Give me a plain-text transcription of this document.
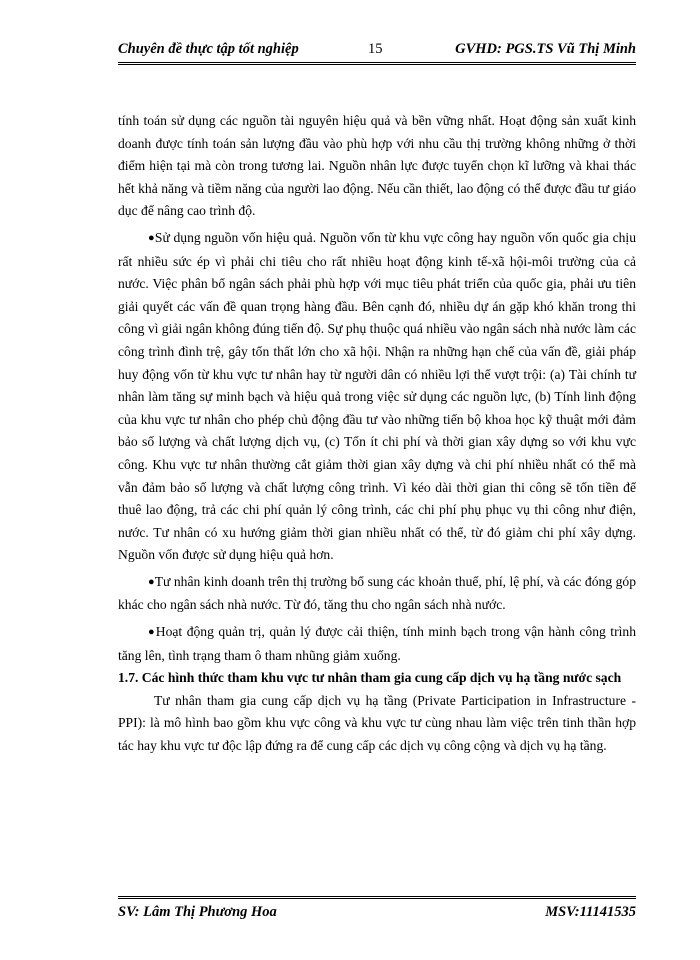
Chuyên đề thực tập tốt nghiệp	15	GVHD: PGS.TS Vũ Thị Minh

tính toán sử dụng các nguồn tài nguyên hiệu quả và bền vững nhất. Hoạt động sản xuất kinh doanh được tính toán sản lượng đầu vào phù hợp với nhu cầu thị trường không những ở thời điểm hiện tại mà còn trong tương lai. Nguồn nhân lực được tuyển chọn kĩ lưỡng và khai thác hết khả năng và tiềm năng của người lao động. Nếu cần thiết, lao động có thể được đầu tư giáo dục để nâng cao trình độ.

●Sử dụng nguồn vốn hiệu quả. Nguồn vốn từ khu vực công hay nguồn vốn quốc gia chịu rất nhiều sức ép vì phải chi tiêu cho rất nhiều hoạt động kinh tế-xã hội-môi trường của cả nước. Việc phân bổ ngân sách phải phù hợp với mục tiêu phát triển của quốc gia, phải ưu tiên giải quyết các vấn đề quan trọng hàng đầu. Bên cạnh đó, nhiều dự án gặp khó khăn trong thi công vì giải ngân không đúng tiến độ. Sự phụ thuộc quá nhiều vào ngân sách nhà nước làm các công trình đình trệ, gây tổn thất lớn cho xã hội. Nhận ra những hạn chế của vấn đề, giải pháp huy động vốn từ khu vực tư nhân hay từ người dân có nhiều lợi thế vượt trội: (a) Tài chính tư nhân làm tăng sự minh bạch và hiệu quả trong việc sử dụng các nguồn lực, (b) Tính linh động của khu vực tư nhân cho phép chủ động đầu tư vào những tiến bộ khoa học kỹ thuật mới đảm bảo số lượng và chất lượng dịch vụ, (c) Tốn ít chi phí và thời gian xây dựng so với khu vực công. Khu vực tư nhân thường cắt giảm thời gian xây dựng và chi phí nhiều nhất có thể mà vẫn đảm bảo số lượng và chất lượng công trình. Vì kéo dài thời gian thi công sẽ tốn tiền để thuê lao động, trả các chi phí quản lý công trình, các chi phí phụ phục vụ thi công như điện, nước. Tư nhân có xu hướng giảm thời gian nhiều nhất có thể, từ đó giảm chi phí xây dựng. Nguồn vốn được sử dụng hiệu quả hơn.

●Tư nhân kinh doanh trên thị trường bổ sung các khoản thuế, phí, lệ phí, và các đóng góp khác cho ngân sách nhà nước. Từ đó, tăng thu cho ngân sách nhà nước.

●Hoạt động quản trị, quản lý được cải thiện, tính minh bạch trong vận hành công trình tăng lên, tình trạng tham ô tham nhũng giảm xuống.

1.7. Các hình thức tham khu vực tư nhân tham gia cung cấp dịch vụ hạ tầng nước sạch

Tư nhân tham gia cung cấp dịch vụ hạ tầng (Private Participation in Infrastructure - PPI): là mô hình bao gồm khu vực công và khu vực tư cùng nhau làm việc trên tinh thần hợp tác hay khu vực tư độc lập đứng ra để cung cấp các dịch vụ công cộng và dịch vụ hạ tầng.

SV: Lâm Thị Phương Hoa	MSV:11141535
